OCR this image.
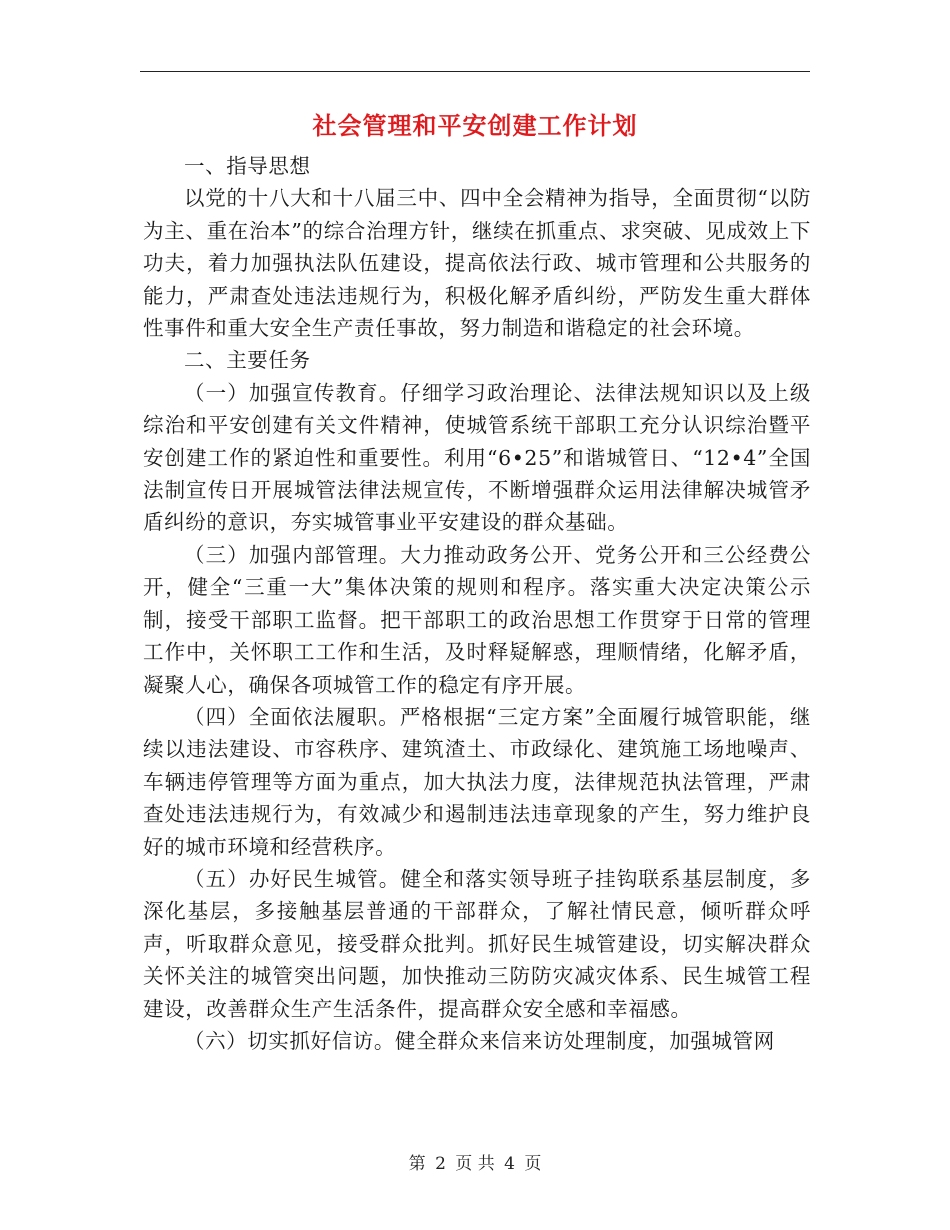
社会管理和平安创建工作计划

一、指导思想

以党的十八大和十八届三中、四中全会精神为指导，全面贯彻“以防为主、重在治本”的综合治理方针，继续在抓重点、求突破、见成效上下功夫，着力加强执法队伍建设，提高依法行政、城市管理和公共服务的能力，严肃查处违法违规行为，积极化解矛盾纠纷，严防发生重大群体性事件和重大安全生产责任事故，努力制造和谐稳定的社会环境。

二、主要任务

（一）加强宣传教育。仔细学习政治理论、法律法规知识以及上级综治和平安创建有关文件精神，使城管系统干部职工充分认识综治暨平安创建工作的紧迫性和重要性。利用“6•25”和谐城管日、“12•4”全国法制宣传日开展城管法律法规宣传，不断增强群众运用法律解决城管矛盾纠纷的意识，夯实城管事业平安建设的群众基础。

（三）加强内部管理。大力推动政务公开、党务公开和三公经费公开，健全“三重一大”集体决策的规则和程序。落实重大决定决策公示制，接受干部职工监督。把干部职工的政治思想工作贯穿于日常的管理工作中，关怀职工工作和生活，及时释疑解惑，理顺情绪，化解矛盾，凝聚人心，确保各项城管工作的稳定有序开展。

（四）全面依法履职。严格根据“三定方案”全面履行城管职能，继续以违法建设、市容秩序、建筑渣土、市政绿化、建筑施工场地噪声、车辆违停管理等方面为重点，加大执法力度，法律规范执法管理，严肃查处违法违规行为，有效减少和遏制违法违章现象的产生，努力维护良好的城市环境和经营秩序。

（五）办好民生城管。健全和落实领导班子挂钩联系基层制度，多深化基层，多接触基层普通的干部群众，了解社情民意，倾听群众呼声，听取群众意见，接受群众批判。抓好民生城管建设，切实解决群众关怀关注的城管突出问题，加快推动三防防灾减灾体系、民生城管工程建设，改善群众生产生活条件，提高群众安全感和幸福感。

（六）切实抓好信访。健全群众来信来访处理制度，加强城管网

第 2 页 共 4 页
